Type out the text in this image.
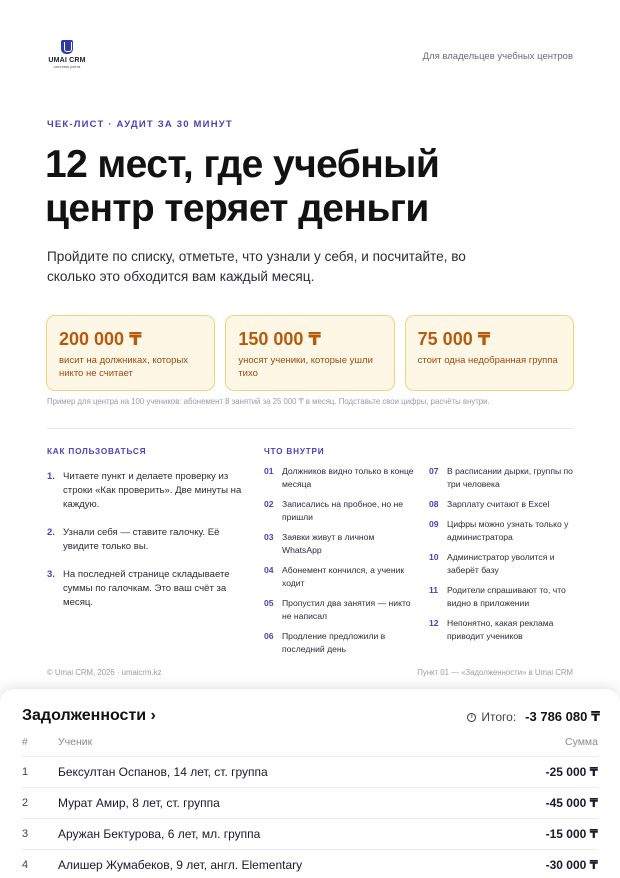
UMAI CRM
система учёта
Для владельцев учебных центров
ЧЕК-ЛИСТ · АУДИТ ЗА 30 МИНУТ
12 мест, где учебный
центр теряет деньги
Пройдите по списку, отметьте, что узнали у себя, и посчитайте, во сколько это обходится вам каждый месяц.
200 000 ₸
висит на должниках, которых никто не считает
150 000 ₸
уносят ученики, которые ушли тихо
75 000 ₸
стоит одна недобранная группа
Пример для центра на 100 учеников: абонемент 8 занятий за 25 000 ₸ в месяц. Подставьте свои цифры, расчёты внутри.
КАК ПОЛЬЗОВАТЬСЯ
1. Читаете пункт и делаете проверку из строки «Как проверить». Две минуты на каждую.
2. Узнали себя — ставите галочку. Её увидите только вы.
3. На последней странице складываете суммы по галочкам. Это ваш счёт за месяц.
ЧТО ВНУТРИ
01 Должников видно только в конце месяца
02 Записались на пробное, но не пришли
03 Заявки живут в личном WhatsApp
04 Абонемент кончился, а ученик ходит
05 Пропустил два занятия — никто не написал
06 Продление предложили в последний день
07 В расписании дырки, группы по три человека
08 Зарплату считают в Excel
09 Цифры можно узнать только у администратора
10 Администратор уволится и заберёт базу
11	Родители спрашивают то, что видно в приложении
12 Непонятно, какая реклама приводит учеников
© Umai CRM, 2026 · umaicrm.kz	Пункт 01 — «Задолженности» в Umai CRM
Задолженности ›	i Итого: -3 786 080 ₸
#	Ученик	Сумма
1 Бексултан Оспанов, 14 лет, ст. группа	-25 000 ₸
2 Мурат Амир, 8 лет, ст. группа	-45 000 ₸
3 Аружан Бектурова, 6 лет, мл. группа	-15 000 ₸
4 Алишер Жумабеков, 9 лет, англ. Elementary	-30 000 ₸
